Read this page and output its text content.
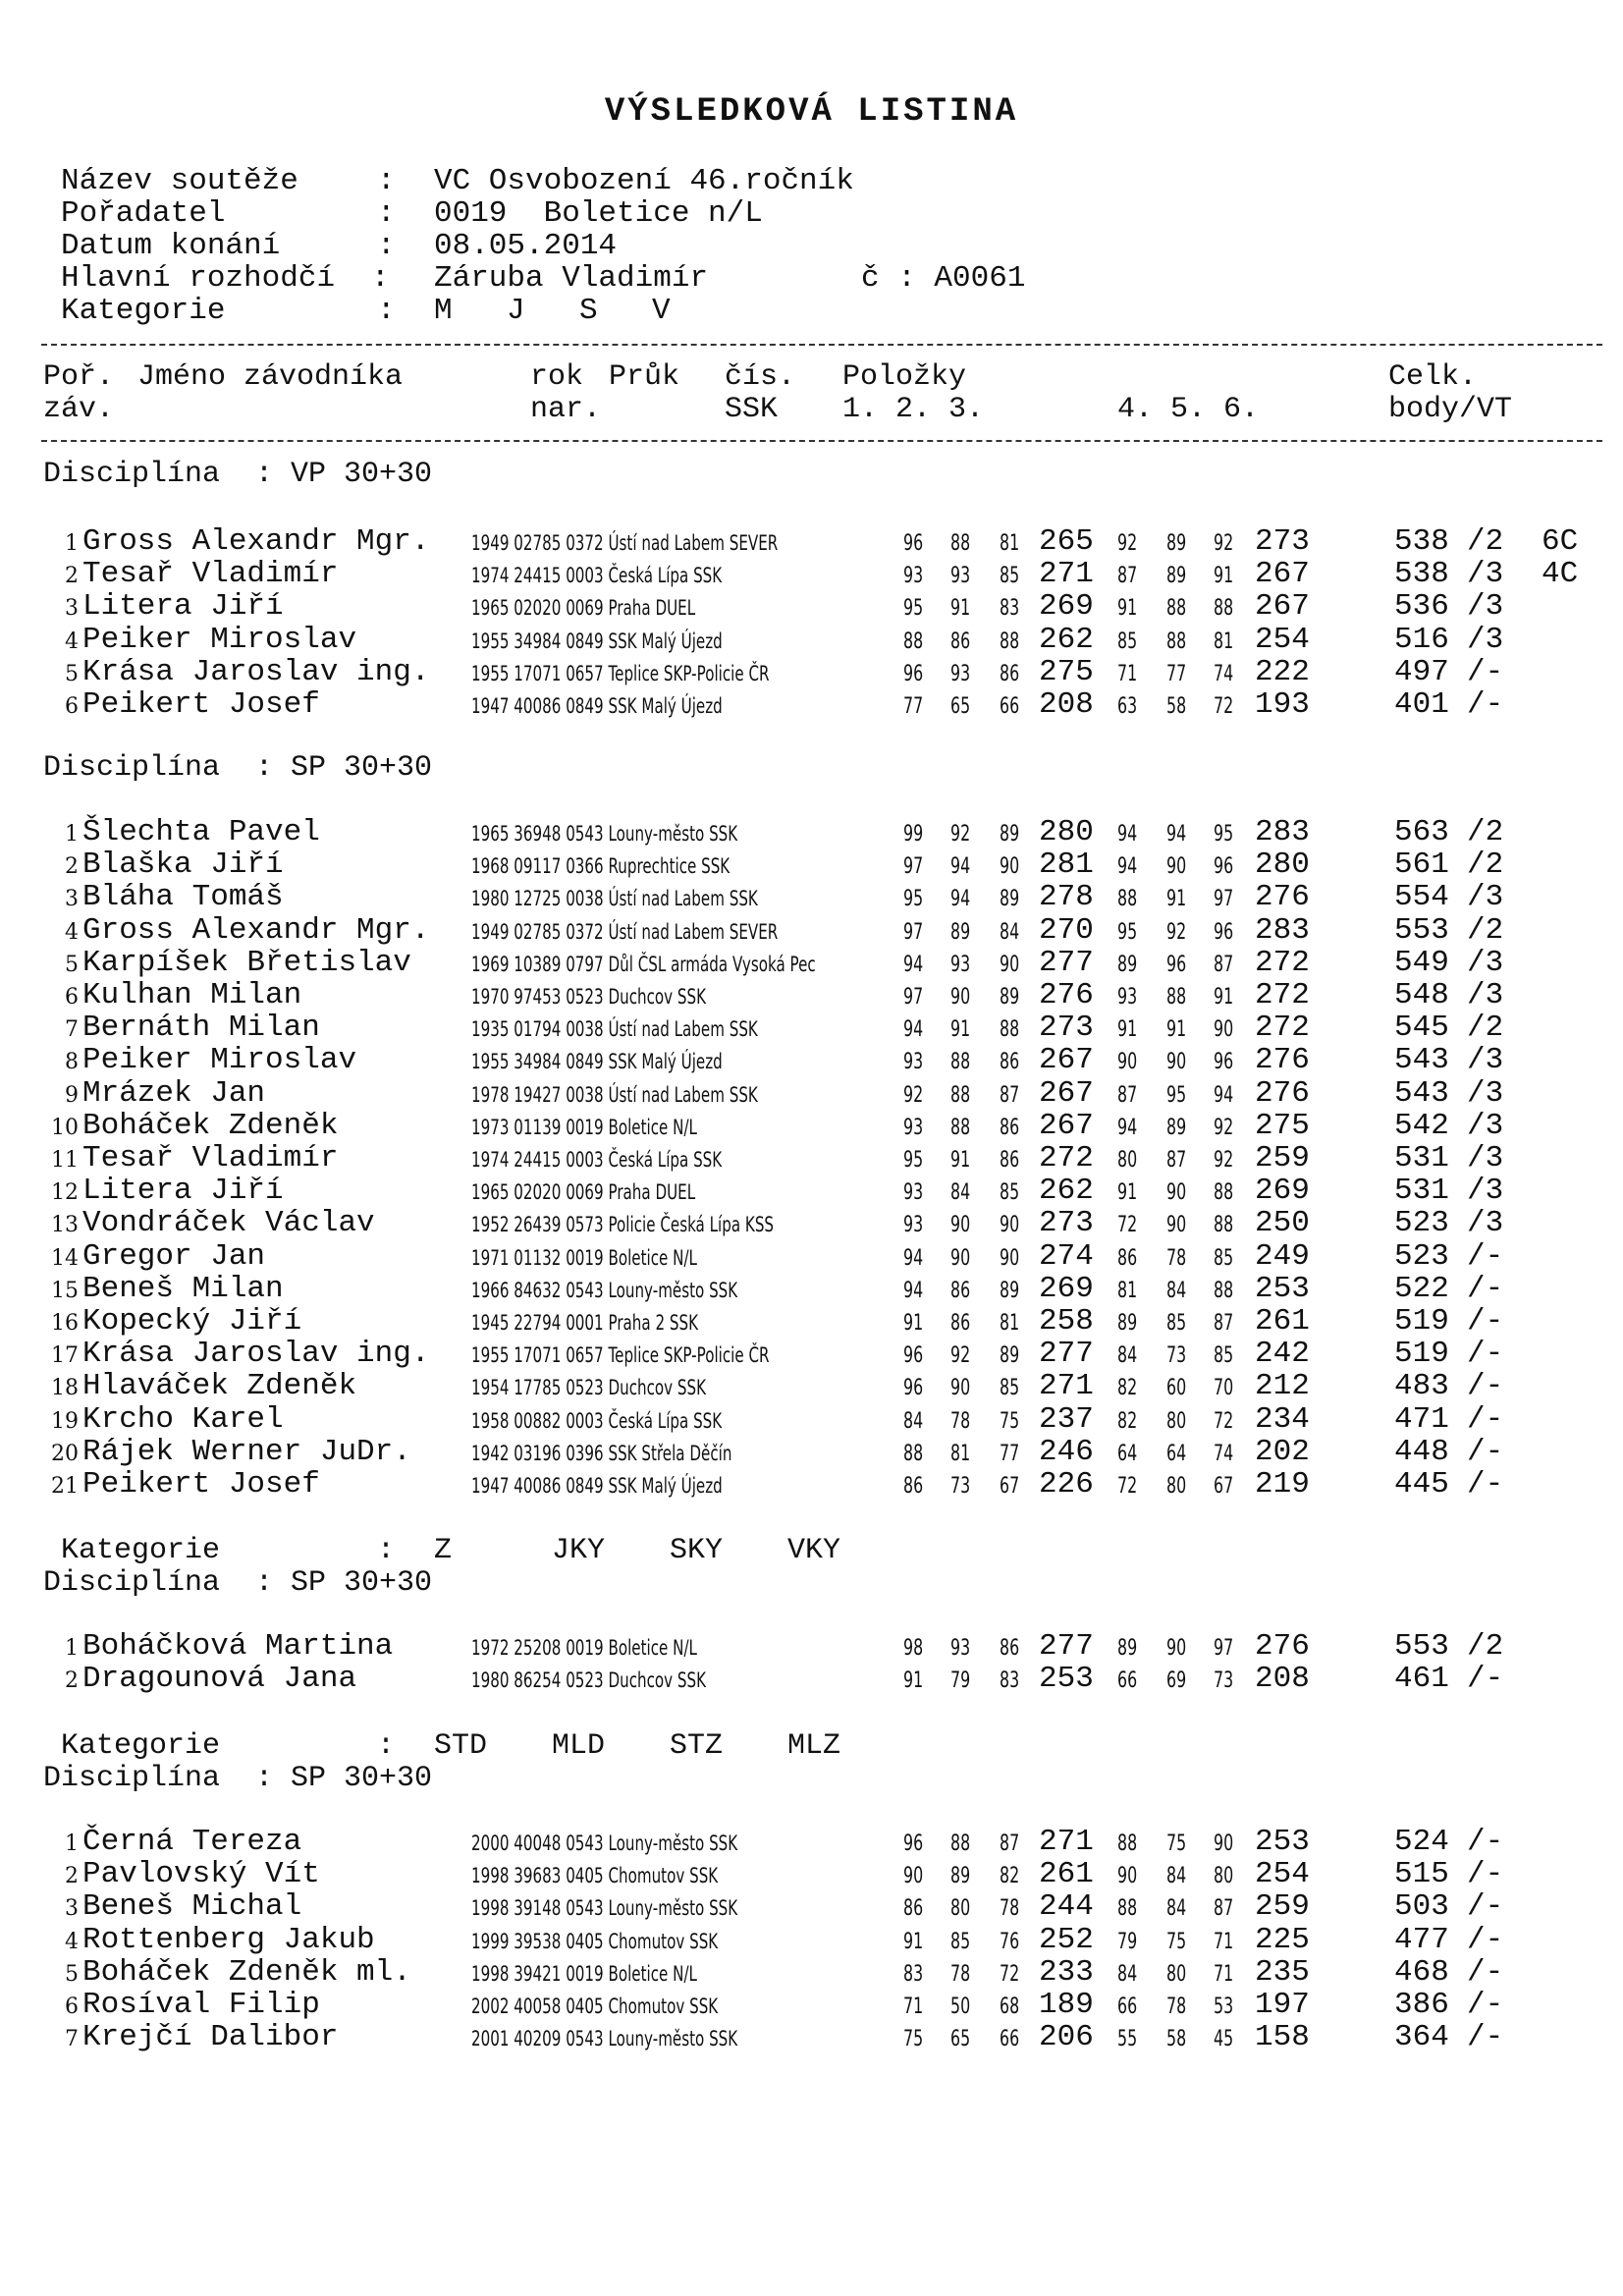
VÝSLEDKOVÁ LISTINA
Název soutěže	: VC Osvobození 46.ročník
Pořadatel	: 0019  Boletice n/L
Datum konání	: 08.05.2014
Hlavní rozhodčí : Záruba Vladimír	č : A0061
Kategorie	: M J S V
Poř.
záv.
Jméno závodníka	rok
nar.
Průk čís.
SSK
Položky
1. 2. 3.	4. 5. 6.
Celk.
body/VT
Disciplína  : VP 30+30
1 Gross Alexandr Mgr. 1949 02785 0372 Ústí nad Labem SEVER	96 88 81 265 92 89 92 273	538 /2 6C
2 Tesař Vladimír	1974 24415 0003 Česká Lípa SSK	93 93 85 271 87 89 91 267	538 /3 4C
3 Litera Jiří	1965 02020 0069 Praha DUEL	95 91 83 269 91 88 88 267	536 /3
4 Peiker Miroslav	1955 34984 0849 SSK Malý Újezd	88 86 88 262 85 88 81 254	516 /3
5 Krása Jaroslav ing. 1955 17071 0657 Teplice SKP-Policie ČR	96 93 86 275 71 77 74 222	497 /-
6 Peikert Josef	1947 40086 0849 SSK Malý Újezd	77 65 66 208 63 58 72 193	401 /-
Disciplína  : SP 30+30
1 Šlechta Pavel	1965 36948 0543 Louny-město SSK	99 92 89 280 94 94 95 283	563 /2
2 Blaška Jiří	1968 09117 0366 Ruprechtice SSK	97 94 90 281 94 90 96 280	561 /2
3 Bláha Tomáš	1980 12725 0038 Ústí nad Labem SSK	95 94 89 278 88 91 97 276	554 /3
4 Gross Alexandr Mgr. 1949 02785 0372 Ústí nad Labem SEVER	97 89 84 270 95 92 96 283	553 /2
5 Karpíšek Břetislav	1969 10389 0797 Důl ČSL armáda Vysoká Pec	94 93 90 277 89 96 87 272	549 /3
6 Kulhan Milan	1970 97453 0523 Duchcov SSK	97 90 89 276 93 88 91 272	548 /3
7 Bernáth Milan	1935 01794 0038 Ústí nad Labem SSK	94 91 88 273 91 91 90 272	545 /2
8 Peiker Miroslav	1955 34984 0849 SSK Malý Újezd	93 88 86 267 90 90 96 276	543 /3
9 Mrázek Jan	1978 19427 0038 Ústí nad Labem SSK	92 88 87 267 87 95 94 276	543 /3
10 Boháček Zdeněk	1973 01139 0019 Boletice N/L	93 88 86 267 94 89 92 275	542 /3
11 Tesař Vladimír	1974 24415 0003 Česká Lípa SSK	95 91 86 272 80 87 92 259	531 /3
12 Litera Jiří	1965 02020 0069 Praha DUEL	93 84 85 262 91 90 88 269	531 /3
13 Vondráček Václav	1952 26439 0573 Policie Česká Lípa KSS	93 90 90 273 72 90 88 250	523 /3
14 Gregor Jan	1971 01132 0019 Boletice N/L	94 90 90 274 86 78 85 249	523 /-
15 Beneš Milan	1966 84632 0543 Louny-město SSK	94 86 89 269 81 84 88 253	522 /-
16 Kopecký Jiří	1945 22794 0001 Praha 2 SSK	91 86 81 258 89 85 87 261	519 /-
17 Krása Jaroslav ing. 1955 17071 0657 Teplice SKP-Policie ČR	96 92 89 277 84 73 85 242	519 /-
18 Hlaváček Zdeněk	1954 17785 0523 Duchcov SSK	96 90 85 271 82 60 70 212	483 /-
19 Krcho Karel	1958 00882 0003 Česká Lípa SSK	84 78 75 237 82 80 72 234	471 /-
20 Rájek Werner JuDr.	1942 03196 0396 SSK Střela Děčín	88 81 77 246 64 64 74 202	448 /-
21 Peikert Josef	1947 40086 0849 SSK Malý Újezd	86 73 67 226 72 80 67 219	445 /-
Kategorie	: Z	JKY SKY VKY
Disciplína  : SP 30+30
1 Boháčková Martina	1972 25208 0019 Boletice N/L	98 93 86 277 89 90 97 276	553 /2
2 Dragounová Jana	1980 86254 0523 Duchcov SSK	91 79 83 253 66 69 73 208	461 /-
Kategorie	: STD MLD STZ MLZ
Disciplína  : SP 30+30
1 Černá Tereza	2000 40048 0543 Louny-město SSK	96 88 87 271 88 75 90 253	524 /-
2 Pavlovský Vít	1998 39683 0405 Chomutov SSK	90 89 82 261 90 84 80 254	515 /-
3 Beneš Michal	1998 39148 0543 Louny-město SSK	86 80 78 244 88 84 87 259	503 /-
4 Rottenberg Jakub	1999 39538 0405 Chomutov SSK	91 85 76 252 79 75 71 225	477 /-
5 Boháček Zdeněk ml.	1998 39421 0019 Boletice N/L	83 78 72 233 84 80 71 235	468 /-
6 Rosíval Filip	2002 40058 0405 Chomutov SSK	71 50 68 189 66 78 53 197	386 /-
7 Krejčí Dalibor	2001 40209 0543 Louny-město SSK	75 65 66 206 55 58 45 158	364 /-
